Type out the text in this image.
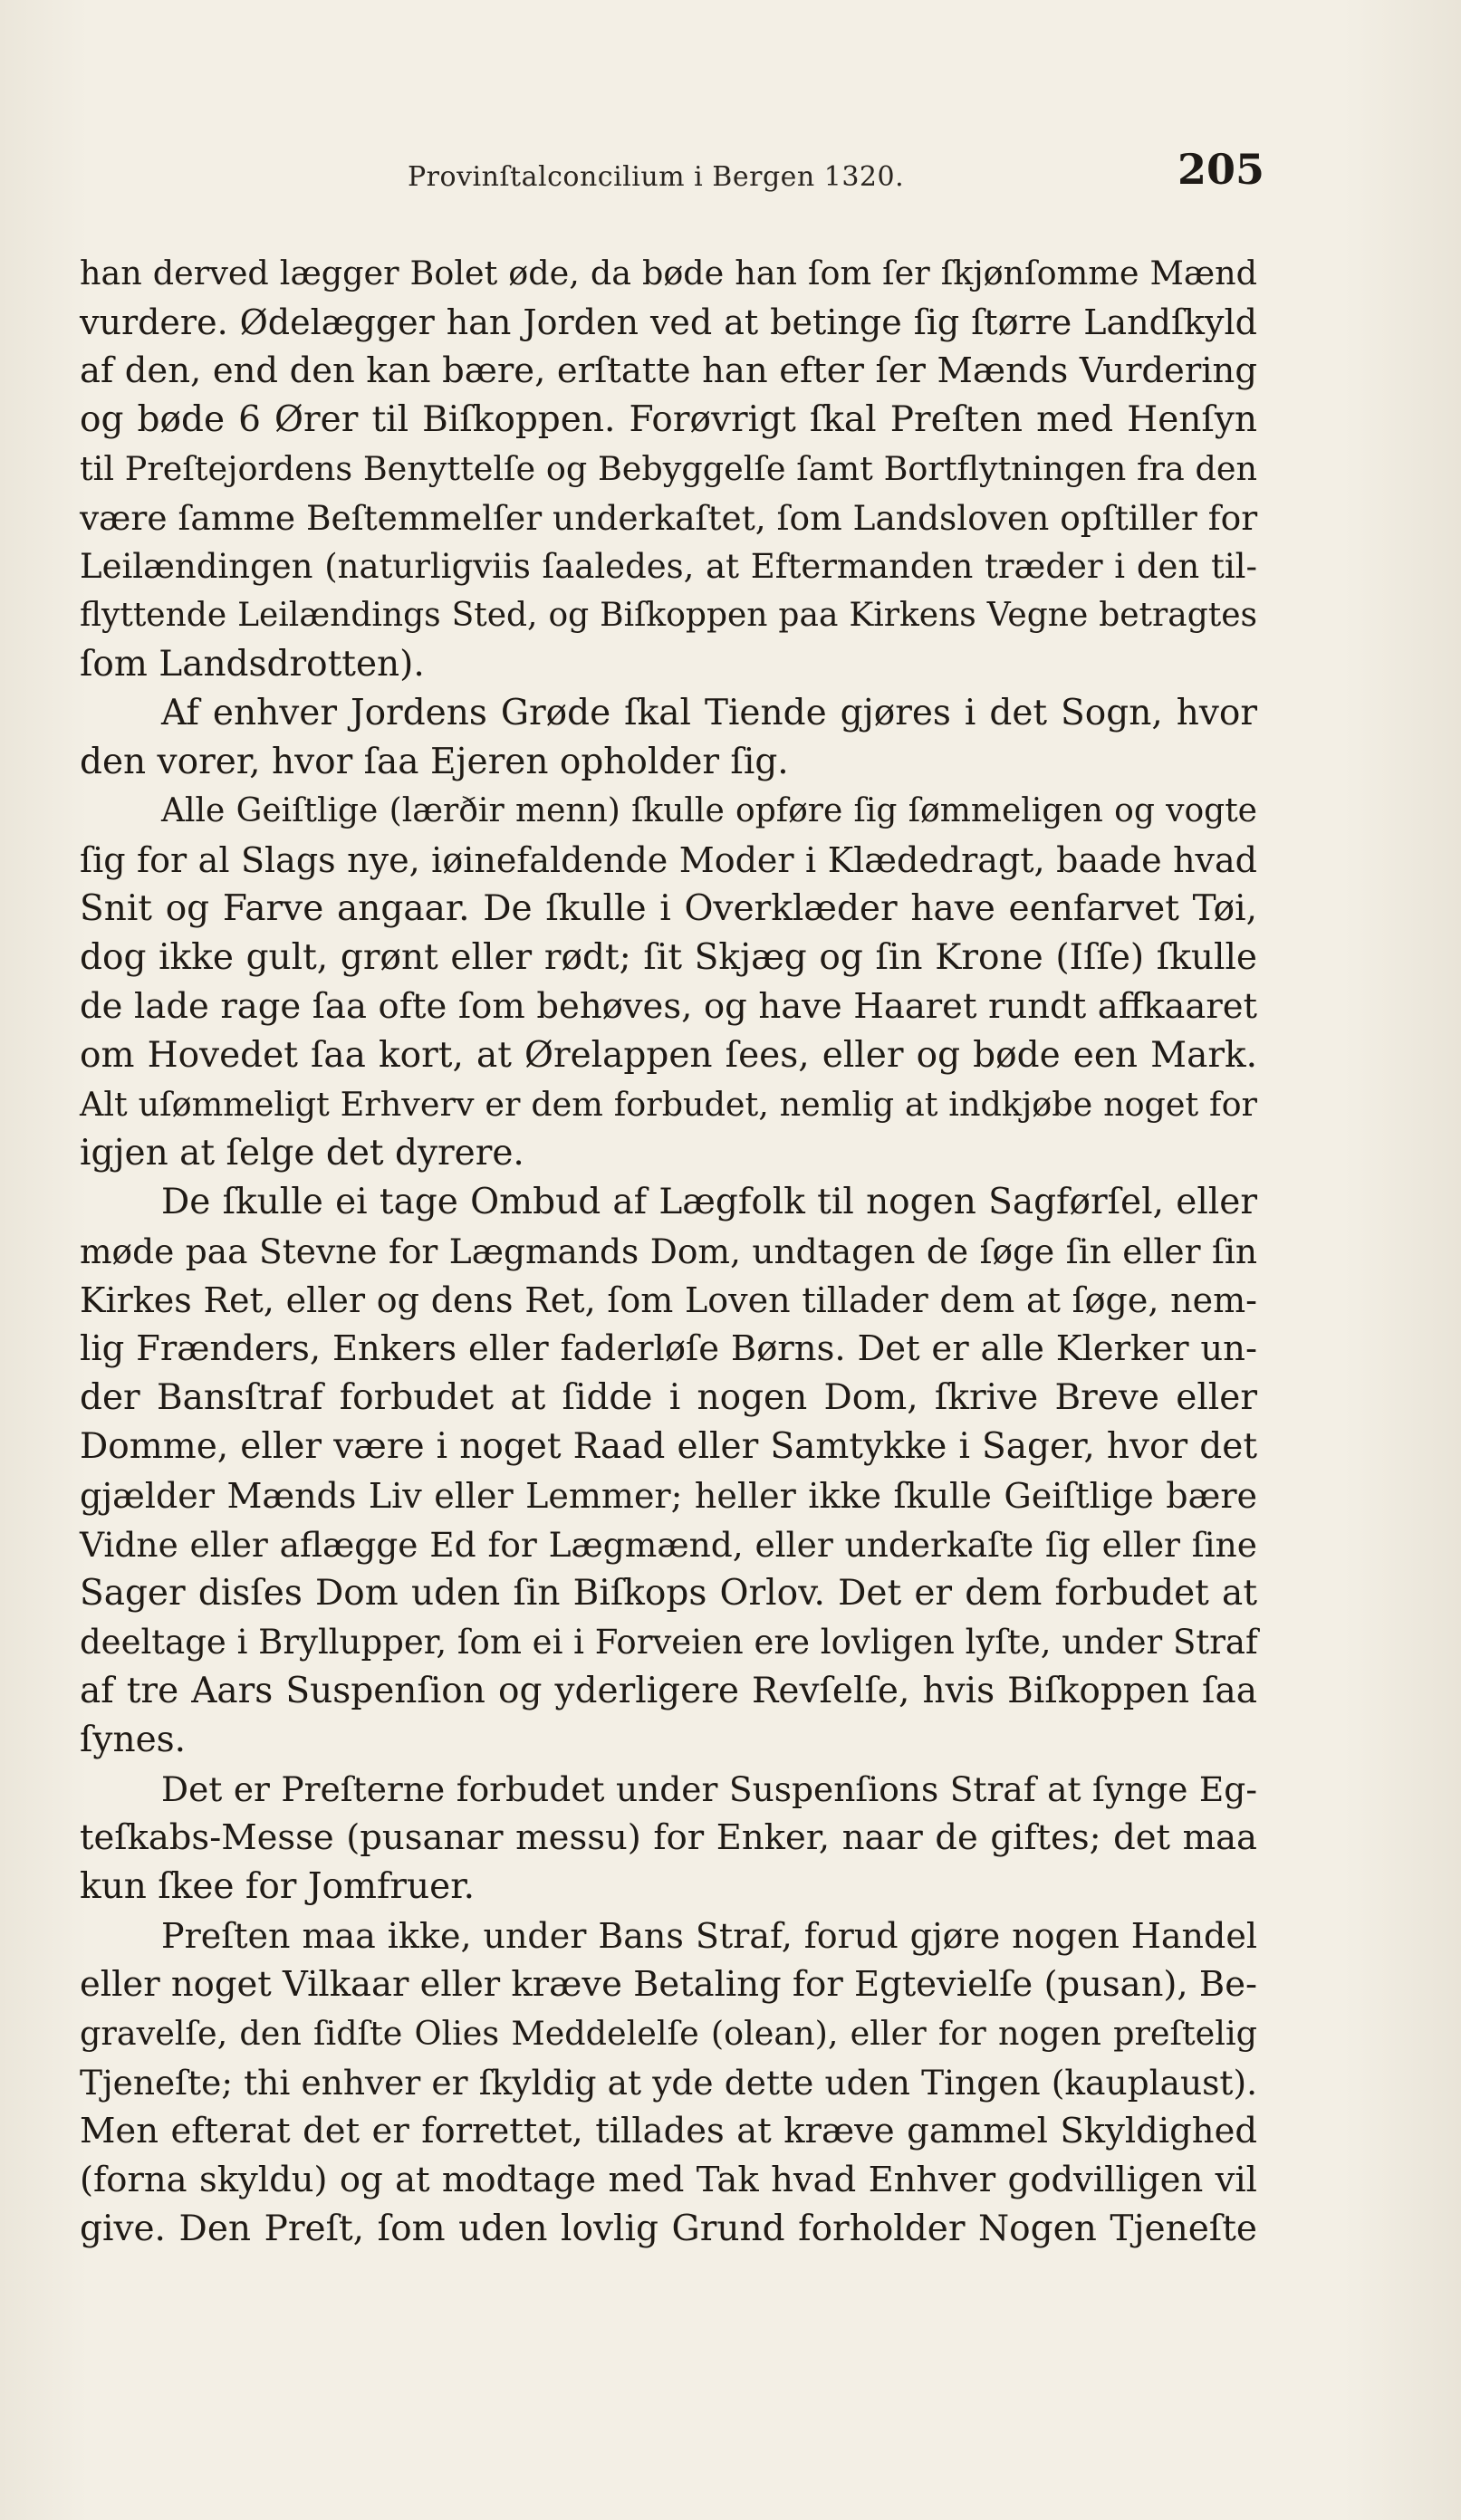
Provinſtalconcilium i Bergen 1320.	205
han derved lægger Bolet øde, da bøde han ſom ſer ſkjønſomme Mænd
vurdere. Ødelægger han Jorden ved at betinge ſig ſtørre Landſkyld
af den, end den kan bære, erſtatte han efter ſer Mænds Vurdering
og bøde 6 Ører til Biſkoppen. Forøvrigt ſkal Preſten med Henſyn
til Preſtejordens Benyttelſe og Bebyggelſe ſamt Bortflytningen fra den
være ſamme Beſtemmelſer underkaſtet, ſom Landsloven opſtiller for
Leilændingen (naturligviis ſaaledes, at Eftermanden træder i den til-
flyttende Leilændings Sted, og Biſkoppen paa Kirkens Vegne betragtes
ſom Landsdrotten).
Af enhver Jordens Grøde ſkal Tiende gjøres i det Sogn, hvor
den vorer, hvor ſaa Ejeren opholder ſig.
Alle Geiſtlige (lærðir menn) ſkulle opføre ſig ſømmeligen og vogte
ſig for al Slags nye, iøinefaldende Moder i Klædedragt, baade hvad
Snit og Farve angaar. De ſkulle i Overklæder have eenfarvet Tøi,
dog ikke gult, grønt eller rødt; ſit Skjæg og ſin Krone (Iſſe) ſkulle
de lade rage ſaa ofte ſom behøves, og have Haaret rundt affkaaret
om Hovedet ſaa kort, at Ørelappen ſees, eller og bøde een Mark.
Alt uſømmeligt Erhverv er dem forbudet, nemlig at indkjøbe noget for
igjen at ſelge det dyrere.
De ſkulle ei tage Ombud af Lægfolk til nogen Sagførſel, eller
møde paa Stevne for Lægmands Dom, undtagen de ſøge ſin eller ſin
Kirkes Ret, eller og dens Ret, ſom Loven tillader dem at ſøge, nem-
lig Frænders, Enkers eller faderløſe Børns. Det er alle Klerker un-
der Bansſtraf forbudet at ſidde i nogen Dom, ſkrive Breve eller
Domme, eller være i noget Raad eller Samtykke i Sager, hvor det
gjælder Mænds Liv eller Lemmer; heller ikke ſkulle Geiſtlige bære
Vidne eller aflægge Ed for Lægmænd, eller underkaſte ſig eller ſine
Sager disſes Dom uden ſin Biſkops Orlov. Det er dem forbudet at
deeltage i Bryllupper, ſom ei i Forveien ere lovligen lyſte, under Straf
af tre Aars Suspenſion og yderligere Revſelſe, hvis Biſkoppen ſaa
ſynes.
Det er Preſterne forbudet under Suspenſions Straf at ſynge Eg-
teſkabs-Messe (pusanar messu) for Enker, naar de giftes; det maa
kun ſkee for Jomfruer.
Preſten maa ikke, under Bans Straf, forud gjøre nogen Handel
eller noget Vilkaar eller kræve Betaling for Egtevielſe (pusan), Be-
gravelſe, den ſidſte Olies Meddelelſe (olean), eller for nogen preſtelig
Tjeneſte; thi enhver er ſkyldig at yde dette uden Tingen (kauplaust).
Men efterat det er forrettet, tillades at kræve gammel Skyldighed
(forna skyldu) og at modtage med Tak hvad Enhver godvilligen vil
give. Den Preſt, ſom uden lovlig Grund forholder Nogen Tjeneſte
